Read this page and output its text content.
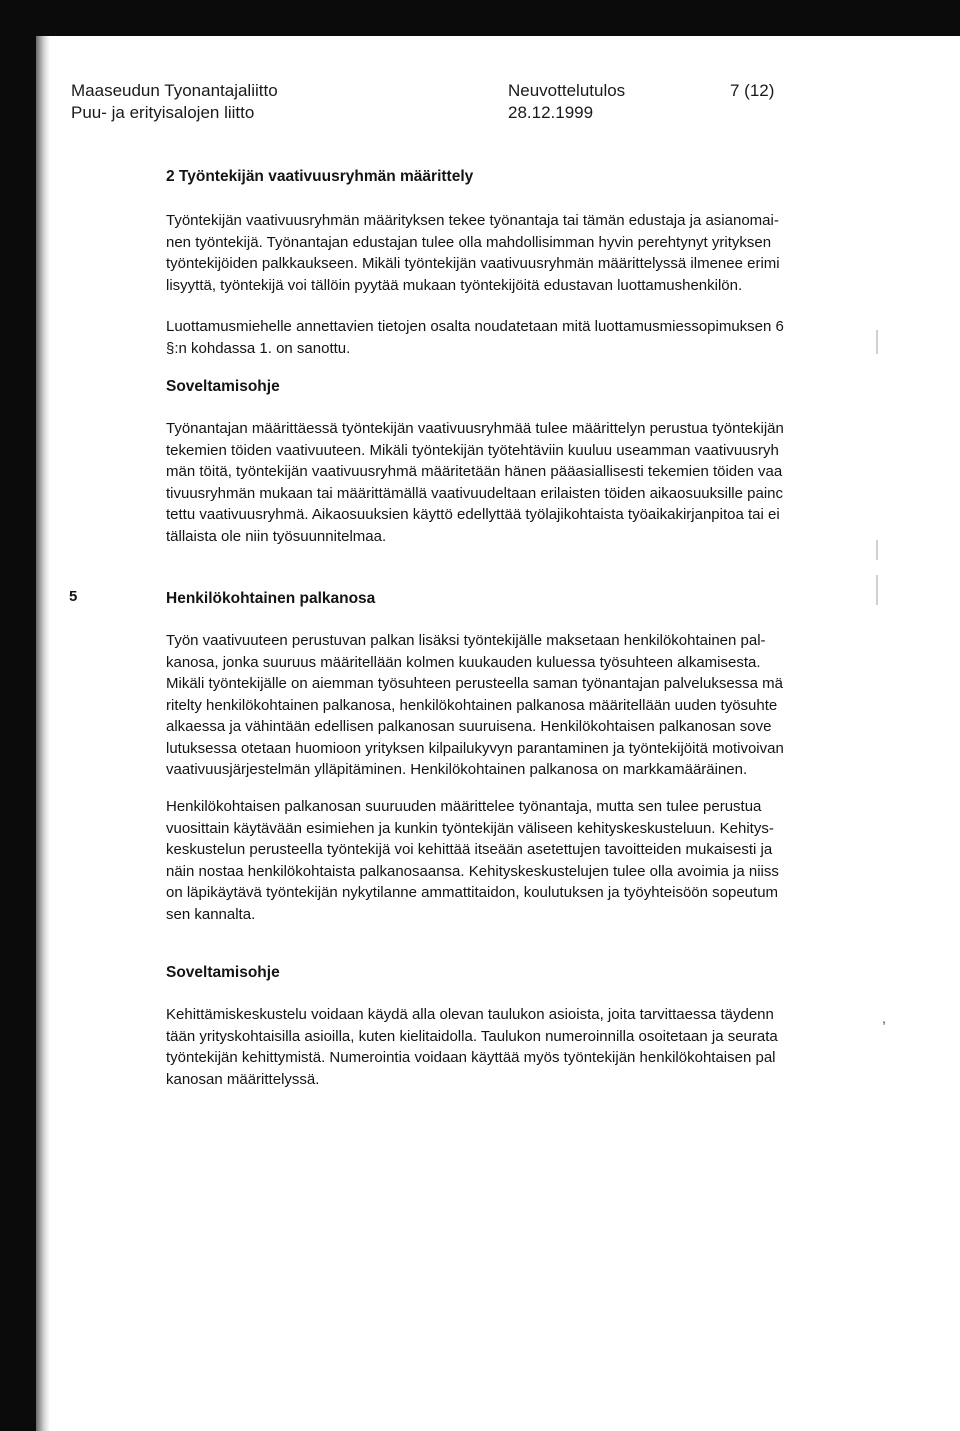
Maaseudun Tyonantajaliitto
Puu- ja erityisalojen liitto
Neuvottelutulos
28.12.1999
7 (12)
2 Työntekijän vaativuusryhmän määrittely
Työntekijän vaativuusryhmän määrityksen tekee työnantaja tai tämän edustaja ja asianomai-
nen työntekijä. Työnantajan edustajan tulee olla mahdollisimman hyvin perehtynyt yrityksen
työntekijöiden palkkaukseen. Mikäli työntekijän vaativuusryhmän määrittelyssä ilmenee erimi
lisyyttä, työntekijä voi tällöin pyytää mukaan työntekijöitä edustavan luottamushenkilön.
Luottamusmiehelle annettavien tietojen osalta noudatetaan mitä luottamusmiessopimuksen 6
§:n kohdassa 1. on sanottu.
Soveltamisohje
Työnantajan määrittäessä työntekijän vaativuusryhmää tulee määrittelyn perustua työntekijän
tekemien töiden vaativuuteen. Mikäli työntekijän työtehtäviin kuuluu useamman vaativuusryh
män töitä, työntekijän vaativuusryhmä määritetään hänen pääasiallisesti tekemien töiden vaa
tivuusryhmän mukaan tai määrittämällä vaativuudeltaan erilaisten töiden aikaosuuksille painc
tettu vaativuusryhmä. Aikaosuuksien käyttö edellyttää työlajikohtaista työaikakirjanpitoa tai ei
tällaista ole niin työsuunnitelmaa.
Henkilökohtainen palkanosa
Työn vaativuuteen perustuvan palkan lisäksi työntekijälle maksetaan henkilökohtainen pal-
kanosa, jonka suuruus määritellään kolmen kuukauden kuluessa työsuhteen alkamisesta.
Mikäli työntekijälle on aiemman työsuhteen perusteella saman työnantajan palveluksessa mä
ritelty henkilökohtainen palkanosa, henkilökohtainen palkanosa määritellään uuden työsuhte
alkaessa ja vähintään edellisen palkanosan suuruisena. Henkilökohtaisen palkanosan sove
lutuksessa otetaan huomioon yrityksen kilpailukyvyn parantaminen ja työntekijöitä motivoivan
vaativuusjärjestelmän ylläpitäminen. Henkilökohtainen palkanosa on markkamääräinen.
Henkilökohtaisen palkanosan suuruuden määrittelee työnantaja, mutta sen tulee perustua
vuosittain käytävään esimiehen ja kunkin työntekijän väliseen kehityskeskusteluun. Kehitys-
keskustelun perusteella työntekijä voi kehittää itseään asetettujen tavoitteiden mukaisesti ja
näin nostaa henkilökohtaista palkanosaansa. Kehityskeskustelujen tulee olla avoimia ja niiss
on läpikäytävä työntekijän nykytilanne ammattitaidon, koulutuksen ja työyhteisöön sopeutum
sen kannalta.
Soveltamisohje
Kehittämiskeskustelu voidaan käydä alla olevan taulukon asioista, joita tarvittaessa täydenn
tään yrityskohtaisilla asioilla, kuten kielitaidolla. Taulukon numeroinnilla osoitetaan ja seurata
työntekijän kehittymistä. Numerointia voidaan käyttää myös työntekijän henkilökohtaisen pal
kanosan määrittelyssä.
5
,
